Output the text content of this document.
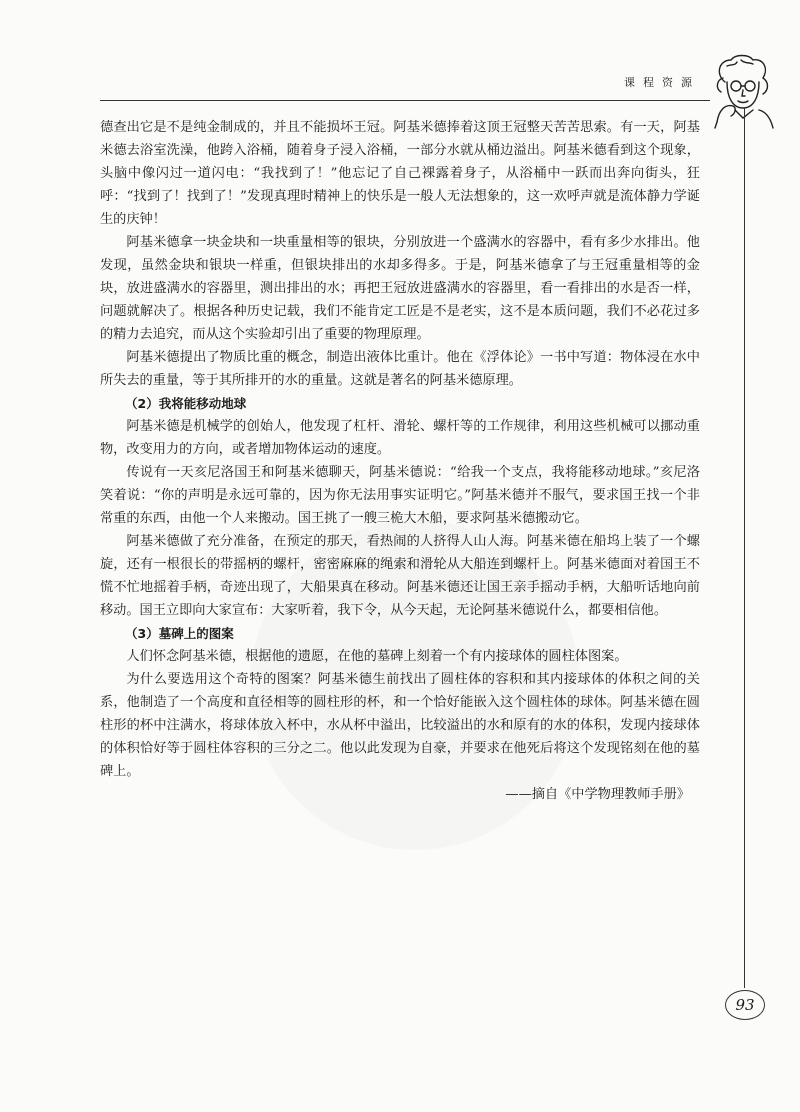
课程资源

德查出它是不是纯金制成的，并且不能损坏王冠。阿基米德捧着这顶王冠整天苦苦思索。有一天，阿基米德去浴室洗澡，他跨入浴桶，随着身子浸入浴桶，一部分水就从桶边溢出。阿基米德看到这个现象，头脑中像闪过一道闪电：“我找到了！”他忘记了自己裸露着身子，从浴桶中一跃而出奔向街头，狂呼：“找到了！找到了！”发现真理时精神上的快乐是一般人无法想象的，这一欢呼声就是流体静力学诞生的庆钟！

阿基米德拿一块金块和一块重量相等的银块，分别放进一个盛满水的容器中，看有多少水排出。他发现，虽然金块和银块一样重，但银块排出的水却多得多。于是，阿基米德拿了与王冠重量相等的金块，放进盛满水的容器里，测出排出的水；再把王冠放进盛满水的容器里，看一看排出的水是否一样，问题就解决了。根据各种历史记载，我们不能肯定工匠是不是老实，这不是本质问题，我们不必花过多的精力去追究，而从这个实验却引出了重要的物理原理。

阿基米德提出了物质比重的概念，制造出液体比重计。他在《浮体论》一书中写道：物体浸在水中所失去的重量，等于其所排开的水的重量。这就是著名的阿基米德原理。

（2）我将能移动地球

阿基米德是机械学的创始人，他发现了杠杆、滑轮、螺杆等的工作规律，利用这些机械可以挪动重物，改变用力的方向，或者增加物体运动的速度。

传说有一天亥尼洛国王和阿基米德聊天，阿基米德说：“给我一个支点，我将能移动地球。”亥尼洛笑着说：“你的声明是永远可靠的，因为你无法用事实证明它。”阿基米德并不服气，要求国王找一个非常重的东西，由他一个人来搬动。国王挑了一艘三桅大木船，要求阿基米德搬动它。

阿基米德做了充分准备，在预定的那天，看热闹的人挤得人山人海。阿基米德在船坞上装了一个螺旋，还有一根很长的带摇柄的螺杆，密密麻麻的绳索和滑轮从大船连到螺杆上。阿基米德面对着国王不慌不忙地摇着手柄，奇迹出现了，大船果真在移动。阿基米德还让国王亲手摇动手柄，大船听话地向前移动。国王立即向大家宣布：大家听着，我下令，从今天起，无论阿基米德说什么，都要相信他。

（3）墓碑上的图案

人们怀念阿基米德，根据他的遗愿，在他的墓碑上刻着一个有内接球体的圆柱体图案。

为什么要选用这个奇特的图案？阿基米德生前找出了圆柱体的容积和其内接球体的体积之间的关系，他制造了一个高度和直径相等的圆柱形的杯，和一个恰好能嵌入这个圆柱体的球体。阿基米德在圆柱形的杯中注满水，将球体放入杯中，水从杯中溢出，比较溢出的水和原有的水的体积，发现内接球体的体积恰好等于圆柱体容积的三分之二。他以此发现为自豪，并要求在他死后将这个发现铭刻在他的墓碑上。

——摘自《中学物理教师手册》

93
